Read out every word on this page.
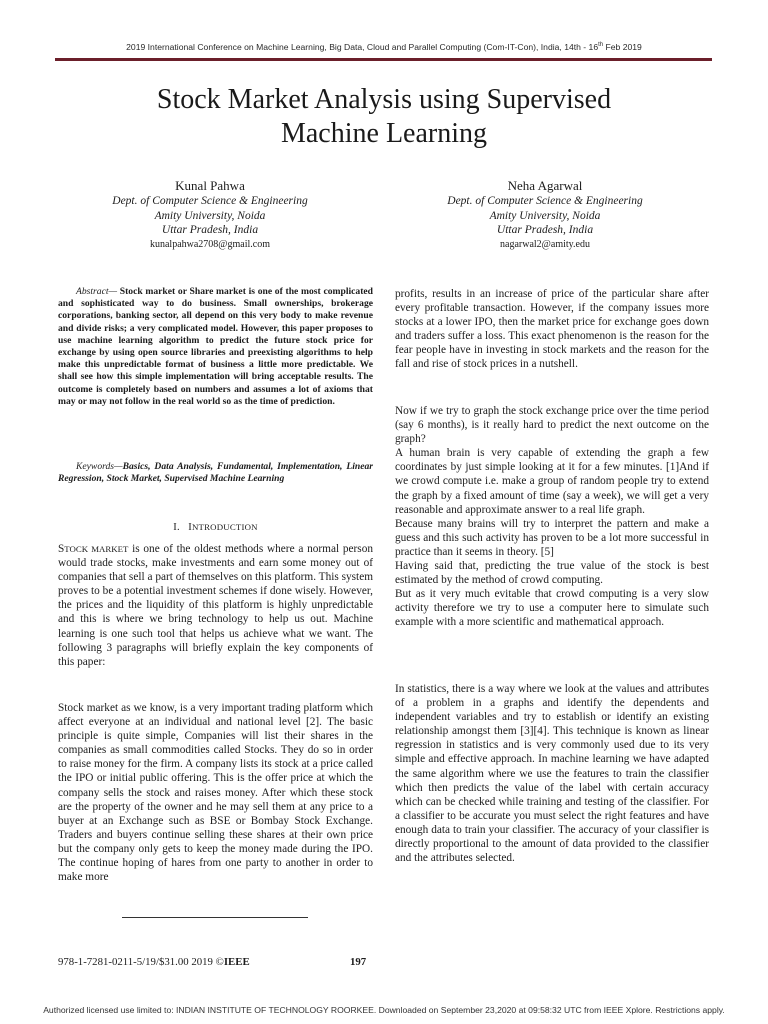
2019 International Conference on Machine Learning, Big Data, Cloud and Parallel Computing (Com-IT-Con), India, 14th - 16th Feb 2019
Stock Market Analysis using Supervised
Machine Learning
Kunal Pahwa
Dept. of Computer Science & Engineering
Amity University, Noida
Uttar Pradesh, India
kunalpahwa2708@gmail.com
Neha Agarwal
Dept. of Computer Science & Engineering
Amity University, Noida
Uttar Pradesh, India
nagarwal2@amity.edu
Abstract— Stock market or Share market is one of the most complicated and sophisticated way to do business. Small ownerships, brokerage corporations, banking sector, all depend on this very body to make revenue and divide risks; a very complicated model. However, this paper proposes to use machine learning algorithm to predict the future stock price for exchange by using open source libraries and preexisting algorithms to help make this unpredictable format of business a little more predictable. We shall see how this simple implementation will bring acceptable results. The outcome is completely based on numbers and assumes a lot of axioms that may or may not follow in the real world so as the time of prediction.
Keywords—Basics, Data Analysis, Fundamental, Implementation, Linear Regression, Stock Market, Supervised Machine Learning
I. INTRODUCTION
STOCK MARKET is one of the oldest methods where a normal person would trade stocks, make investments and earn some money out of companies that sell a part of themselves on this platform. This system proves to be a potential investment schemes if done wisely. However, the prices and the liquidity of this platform is highly unpredictable and this is where we bring technology to help us out. Machine learning is one such tool that helps us achieve what we want. The following 3 paragraphs will briefly explain the key components of this paper:
Stock market as we know, is a very important trading platform which affect everyone at an individual and national level [2]. The basic principle is quite simple, Companies will list their shares in the companies as small commodities called Stocks. They do so in order to raise money for the firm. A company lists its stock at a price called the IPO or initial public offering. This is the offer price at which the company sells the stock and raises money. After which these stock are the property of the owner and he may sell them at any price to a buyer at an Exchange such as BSE or Bombay Stock Exchange. Traders and buyers continue selling these shares at their own price but the company only gets to keep the money made during the IPO. The continue hoping of hares from one party to another in order to make more
profits, results in an increase of price of the particular share after every profitable transaction. However, if the company issues more stocks at a lower IPO, then the market price for exchange goes down and traders suffer a loss. This exact phenomenon is the reason for the fear people have in investing in stock markets and the reason for the fall and rise of stock prices in a nutshell.

Now if we try to graph the stock exchange price over the time period (say 6 months), is it really hard to predict the next outcome on the graph?

A human brain is very capable of extending the graph a few coordinates by just simple looking at it for a few minutes. [1]And if we crowd compute i.e. make a group of random people try to extend the graph by a fixed amount of time (say a week), we will get a very reasonable and approximate answer to a real life graph.

Because many brains will try to interpret the pattern and make a guess and this such activity has proven to be a lot more successful in practice than it seems in theory. [5]

Having said that, predicting the true value of the stock is best estimated by the method of crowd computing.

But as it very much evitable that crowd computing is a very slow activity therefore we try to use a computer here to simulate such example with a more scientific and mathematical approach.

In statistics, there is a way where we look at the values and attributes of a problem in a graphs and identify the dependents and independent variables and try to establish or identify an existing relationship amongst them [3][4]. This technique is known as linear regression in statistics and is very commonly used due to its very simple and effective approach. In machine learning we have adapted the same algorithm where we use the features to train the classifier which then predicts the value of the label with certain accuracy which can be checked while training and testing of the classifier. For a classifier to be accurate you must select the right features and have enough data to train your classifier. The accuracy of your classifier is directly proportional to the amount of data provided to the classifier and the attributes selected.
978-1-7281-0211-5/19/$31.00 2019 ©IEEE	197
Authorized licensed use limited to: INDIAN INSTITUTE OF TECHNOLOGY ROORKEE. Downloaded on September 23,2020 at 09:58:32 UTC from IEEE Xplore. Restrictions apply.
